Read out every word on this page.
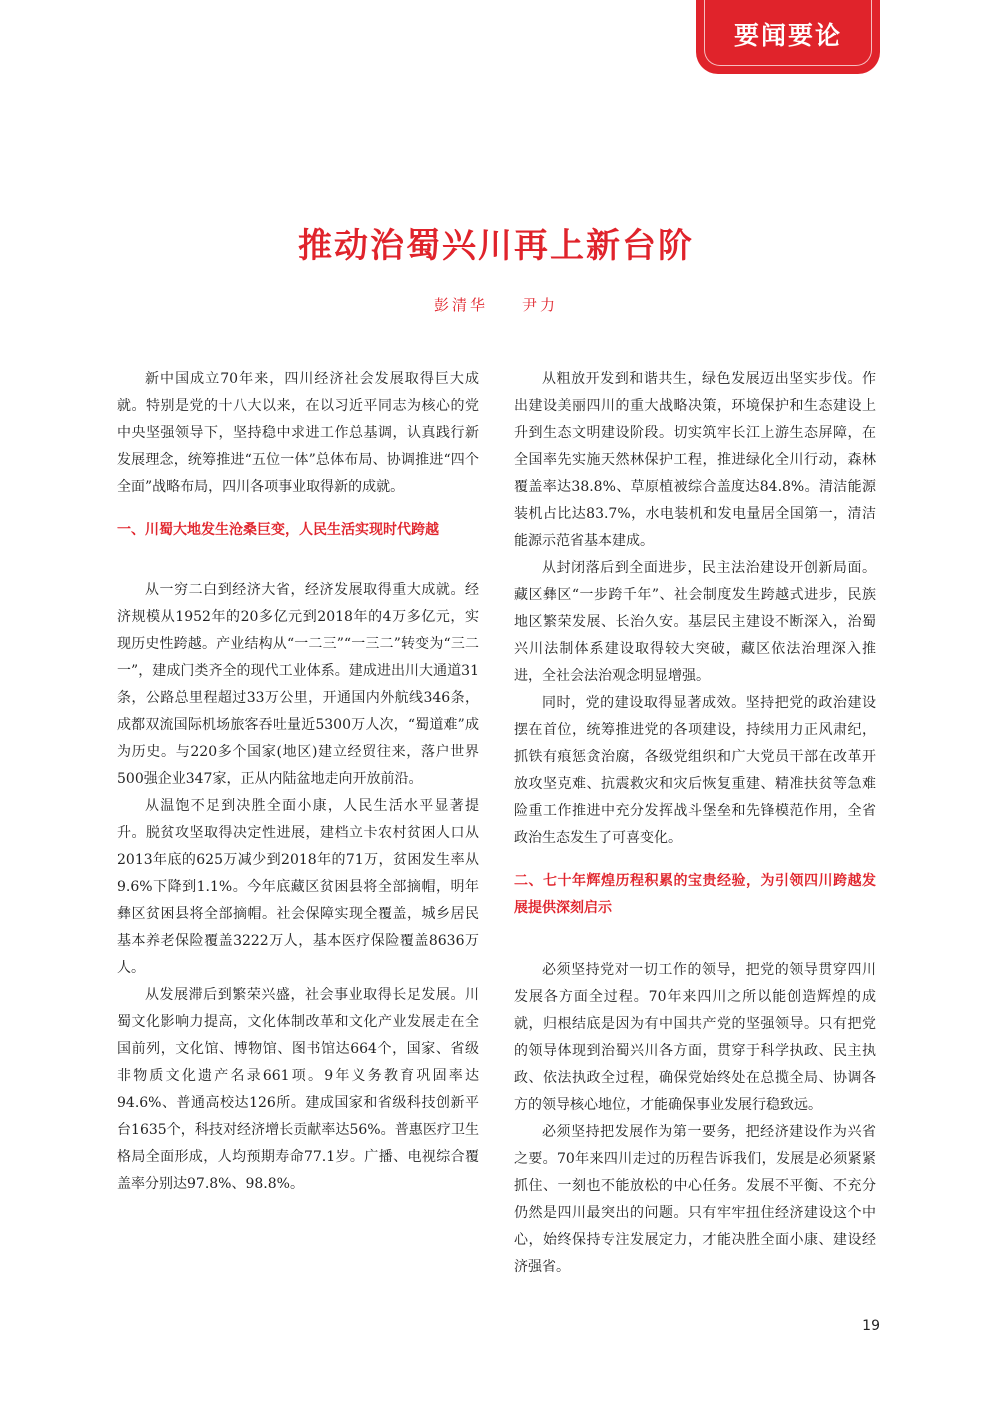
要闻要论
推动治蜀兴川再上新台阶
彭清华 尹力

新中国成立70年来，四川经济社会发展取得巨大成就。特别是党的十八大以来，在以习近平同志为核心的党中央坚强领导下，坚持稳中求进工作总基调，认真践行新发展理念，统筹推进“五位一体”总体布局、协调推进“四个全面”战略布局，四川各项事业取得新的成就。

一、川蜀大地发生沧桑巨变，人民生活实现时代跨越

从一穷二白到经济大省，经济发展取得重大成就。经济规模从1952年的20多亿元到2018年的4万多亿元，实现历史性跨越。产业结构从“一二三”“一三二”转变为“三二一”，建成门类齐全的现代工业体系。建成进出川大通道31条，公路总里程超过33万公里，开通国内外航线346条，成都双流国际机场旅客吞吐量近5300万人次，“蜀道难”成为历史。与220多个国家(地区)建立经贸往来，落户世界500强企业347家，正从内陆盆地走向开放前沿。

从温饱不足到决胜全面小康，人民生活水平显著提升。脱贫攻坚取得决定性进展，建档立卡农村贫困人口从2013年底的625万减少到2018年的71万，贫困发生率从9.6%下降到1.1%。今年底藏区贫困县将全部摘帽，明年彝区贫困县将全部摘帽。社会保障实现全覆盖，城乡居民基本养老保险覆盖3222万人，基本医疗保险覆盖8636万人。

从发展滞后到繁荣兴盛，社会事业取得长足发展。川蜀文化影响力提高，文化体制改革和文化产业发展走在全国前列，文化馆、博物馆、图书馆达664个，国家、省级非物质文化遗产名录661项。9年义务教育巩固率达94.6%、普通高校达126所。建成国家和省级科技创新平台1635个，科技对经济增长贡献率达56%。普惠医疗卫生格局全面形成，人均预期寿命77.1岁。广播、电视综合覆盖率分别达97.8%、98.8%。

从粗放开发到和谐共生，绿色发展迈出坚实步伐。作出建设美丽四川的重大战略决策，环境保护和生态建设上升到生态文明建设阶段。切实筑牢长江上游生态屏障，在全国率先实施天然林保护工程，推进绿化全川行动，森林覆盖率达38.8%、草原植被综合盖度达84.8%。清洁能源装机占比达83.7%，水电装机和发电量居全国第一，清洁能源示范省基本建成。

从封闭落后到全面进步，民主法治建设开创新局面。藏区彝区“一步跨千年”、社会制度发生跨越式进步，民族地区繁荣发展、长治久安。基层民主建设不断深入，治蜀兴川法制体系建设取得较大突破，藏区依法治理深入推进，全社会法治观念明显增强。

同时，党的建设取得显著成效。坚持把党的政治建设摆在首位，统筹推进党的各项建设，持续用力正风肃纪，抓铁有痕惩贪治腐，各级党组织和广大党员干部在改革开放攻坚克难、抗震救灾和灾后恢复重建、精准扶贫等急难险重工作推进中充分发挥战斗堡垒和先锋模范作用，全省政治生态发生了可喜变化。

二、七十年辉煌历程积累的宝贵经验，为引领四川跨越发展提供深刻启示

必须坚持党对一切工作的领导，把党的领导贯穿四川发展各方面全过程。70年来四川之所以能创造辉煌的成就，归根结底是因为有中国共产党的坚强领导。只有把党的领导体现到治蜀兴川各方面，贯穿于科学执政、民主执政、依法执政全过程，确保党始终处在总揽全局、协调各方的领导核心地位，才能确保事业发展行稳致远。

必须坚持把发展作为第一要务，把经济建设作为兴省之要。70年来四川走过的历程告诉我们，发展是必须紧紧抓住、一刻也不能放松的中心任务。发展不平衡、不充分仍然是四川最突出的问题。只有牢牢扭住经济建设这个中心，始终保持专注发展定力，才能决胜全面小康、建设经济强省。

19
